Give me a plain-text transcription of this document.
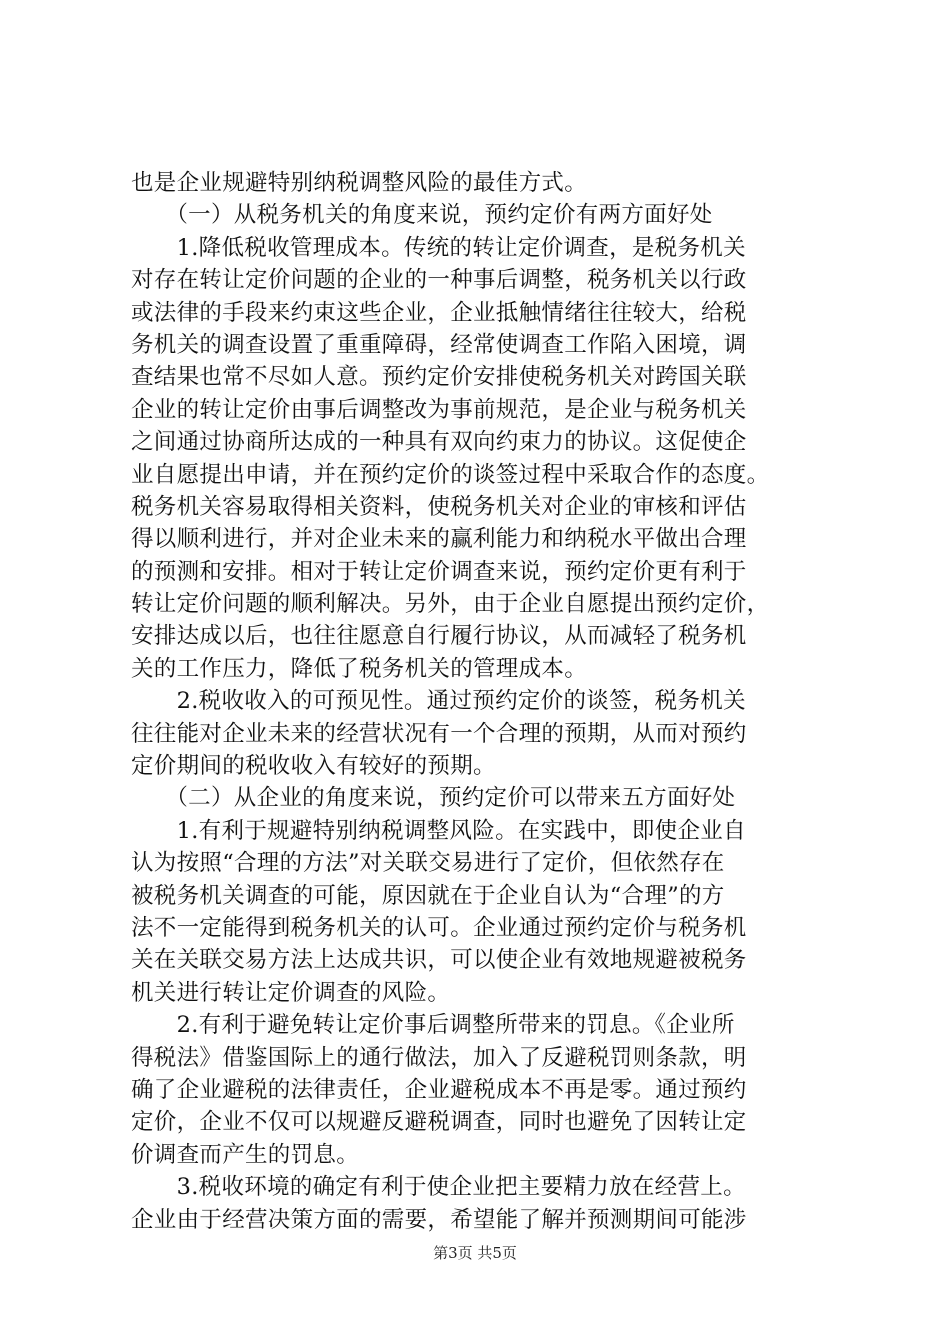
也是企业规避特别纳税调整风险的最佳方式。
　　（一）从税务机关的角度来说，预约定价有两方面好处
　　1.降低税收管理成本。传统的转让定价调查，是税务机关
对存在转让定价问题的企业的一种事后调整，税务机关以行政
或法律的手段来约束这些企业，企业抵触情绪往往较大，给税
务机关的调查设置了重重障碍，经常使调查工作陷入困境，调
查结果也常不尽如人意。预约定价安排使税务机关对跨国关联
企业的转让定价由事后调整改为事前规范，是企业与税务机关
之间通过协商所达成的一种具有双向约束力的协议。这促使企
业自愿提出申请，并在预约定价的谈签过程中采取合作的态度。
税务机关容易取得相关资料，使税务机关对企业的审核和评估
得以顺利进行，并对企业未来的赢利能力和纳税水平做出合理
的预测和安排。相对于转让定价调查来说，预约定价更有利于
转让定价问题的顺利解决。另外，由于企业自愿提出预约定价，
安排达成以后，也往往愿意自行履行协议，从而减轻了税务机
关的工作压力，降低了税务机关的管理成本。
　　2.税收收入的可预见性。通过预约定价的谈签，税务机关
往往能对企业未来的经营状况有一个合理的预期，从而对预约
定价期间的税收收入有较好的预期。
　　（二）从企业的角度来说，预约定价可以带来五方面好处
　　1.有利于规避特别纳税调整风险。在实践中，即使企业自
认为按照“合理的方法”对关联交易进行了定价，但依然存在
被税务机关调查的可能，原因就在于企业自认为“合理”的方
法不一定能得到税务机关的认可。企业通过预约定价与税务机
关在关联交易方法上达成共识，可以使企业有效地规避被税务
机关进行转让定价调查的风险。
　　2.有利于避免转让定价事后调整所带来的罚息。《企业所
得税法》借鉴国际上的通行做法，加入了反避税罚则条款，明
确了企业避税的法律责任，企业避税成本不再是零。通过预约
定价，企业不仅可以规避反避税调查，同时也避免了因转让定
价调查而产生的罚息。
　　3.税收环境的确定有利于使企业把主要精力放在经营上。
企业由于经营决策方面的需要，希望能了解并预测期间可能涉
第3页 共5页
